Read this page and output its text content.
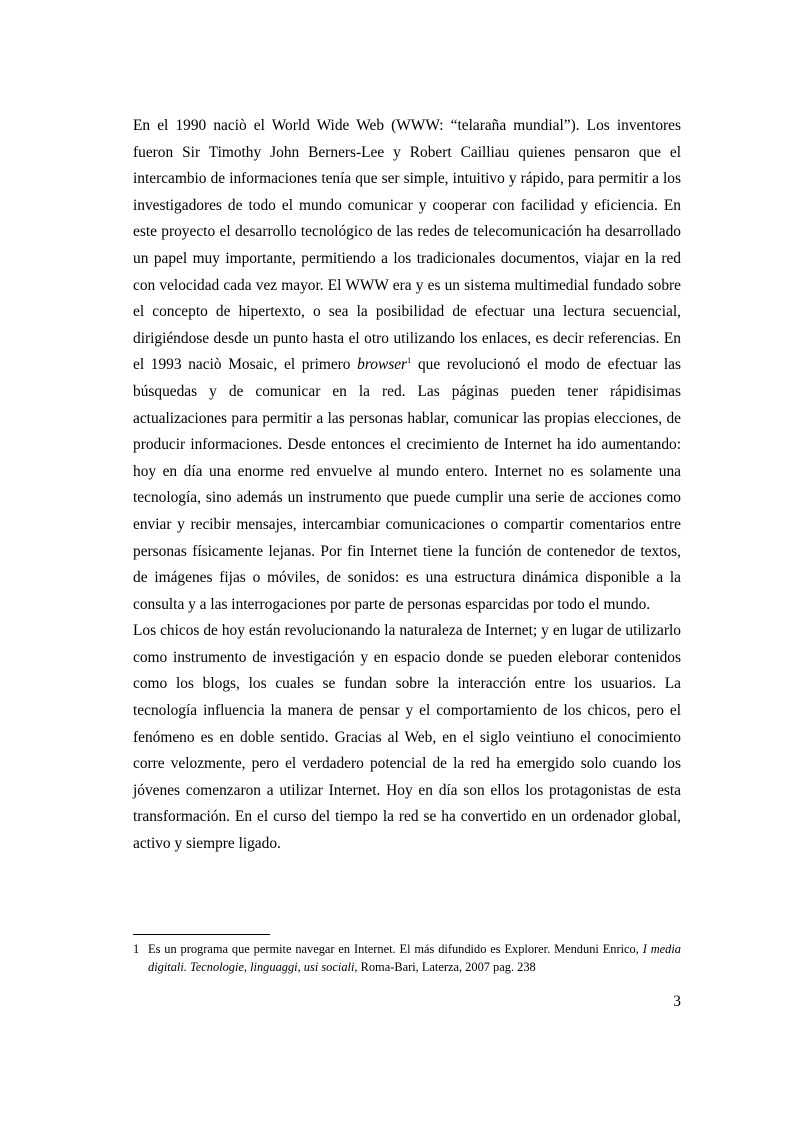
En el 1990 naciò el World Wide Web (WWW: “telaraña mundial”). Los inventores fueron Sir Timothy John Berners-Lee y Robert Cailliau quienes pensaron que el intercambio de informaciones tenía que ser simple, intuitivo y rápido, para permitir a los investigadores de todo el mundo comunicar y cooperar con facilidad y eficiencia. En este proyecto el desarrollo tecnológico de las redes de telecomunicación ha desarrollado un papel muy importante, permitiendo a los tradicionales documentos, viajar en la red con velocidad cada vez mayor. El WWW era y es un sistema multimedial fundado sobre el concepto de hipertexto, o sea la posibilidad de efectuar una lectura secuencial, dirigiéndose desde un punto hasta el otro utilizando los enlaces, es decir referencias. En el 1993 naciò Mosaic, el primero browser$^1$ que revolucionó el modo de efectuar las búsquedas y de comunicar en la red. Las páginas pueden tener rápidisimas actualizaciones para permitir a las personas hablar, comunicar las propias elecciones, de producir informaciones. Desde entonces el crecimiento de Internet ha ido aumentando: hoy en día una enorme red envuelve al mundo entero. Internet no es solamente una tecnología, sino además un instrumento que puede cumplir una serie de acciones como enviar y recibir mensajes, intercambiar comunicaciones o compartir comentarios entre personas físicamente lejanas. Por fin Internet tiene la función de contenedor de textos, de imágenes fijas o móviles, de sonidos: es una estructura dinámica disponible a la consulta y a las interrogaciones por parte de personas esparcidas por todo el mundo.

Los chicos de hoy están revolucionando la naturaleza de Internet; y en lugar de utilizarlo como instrumento de investigación y en espacio donde se pueden eleborar contenidos como los blogs, los cuales se fundan sobre la interacción entre los usuarios. La tecnología influencia la manera de pensar y el comportamiento de los chicos, pero el fenómeno es en doble sentido. Gracias al Web, en el siglo veintiuno el conocimiento corre velozmente, pero el verdadero potencial de la red ha emergido solo cuando los jóvenes comenzaron a utilizar Internet. Hoy en día son ellos los protagonistas de esta transformación. En el curso del tiempo la red se ha convertido en un ordenador global, activo y siempre ligado.

1 Es un programa que permite navegar en Internet. El más difundido es Explorer. Menduni Enrico, I media digitali. Tecnologie, linguaggi, usi sociali, Roma-Bari, Laterza, 2007 pag. 238
3
